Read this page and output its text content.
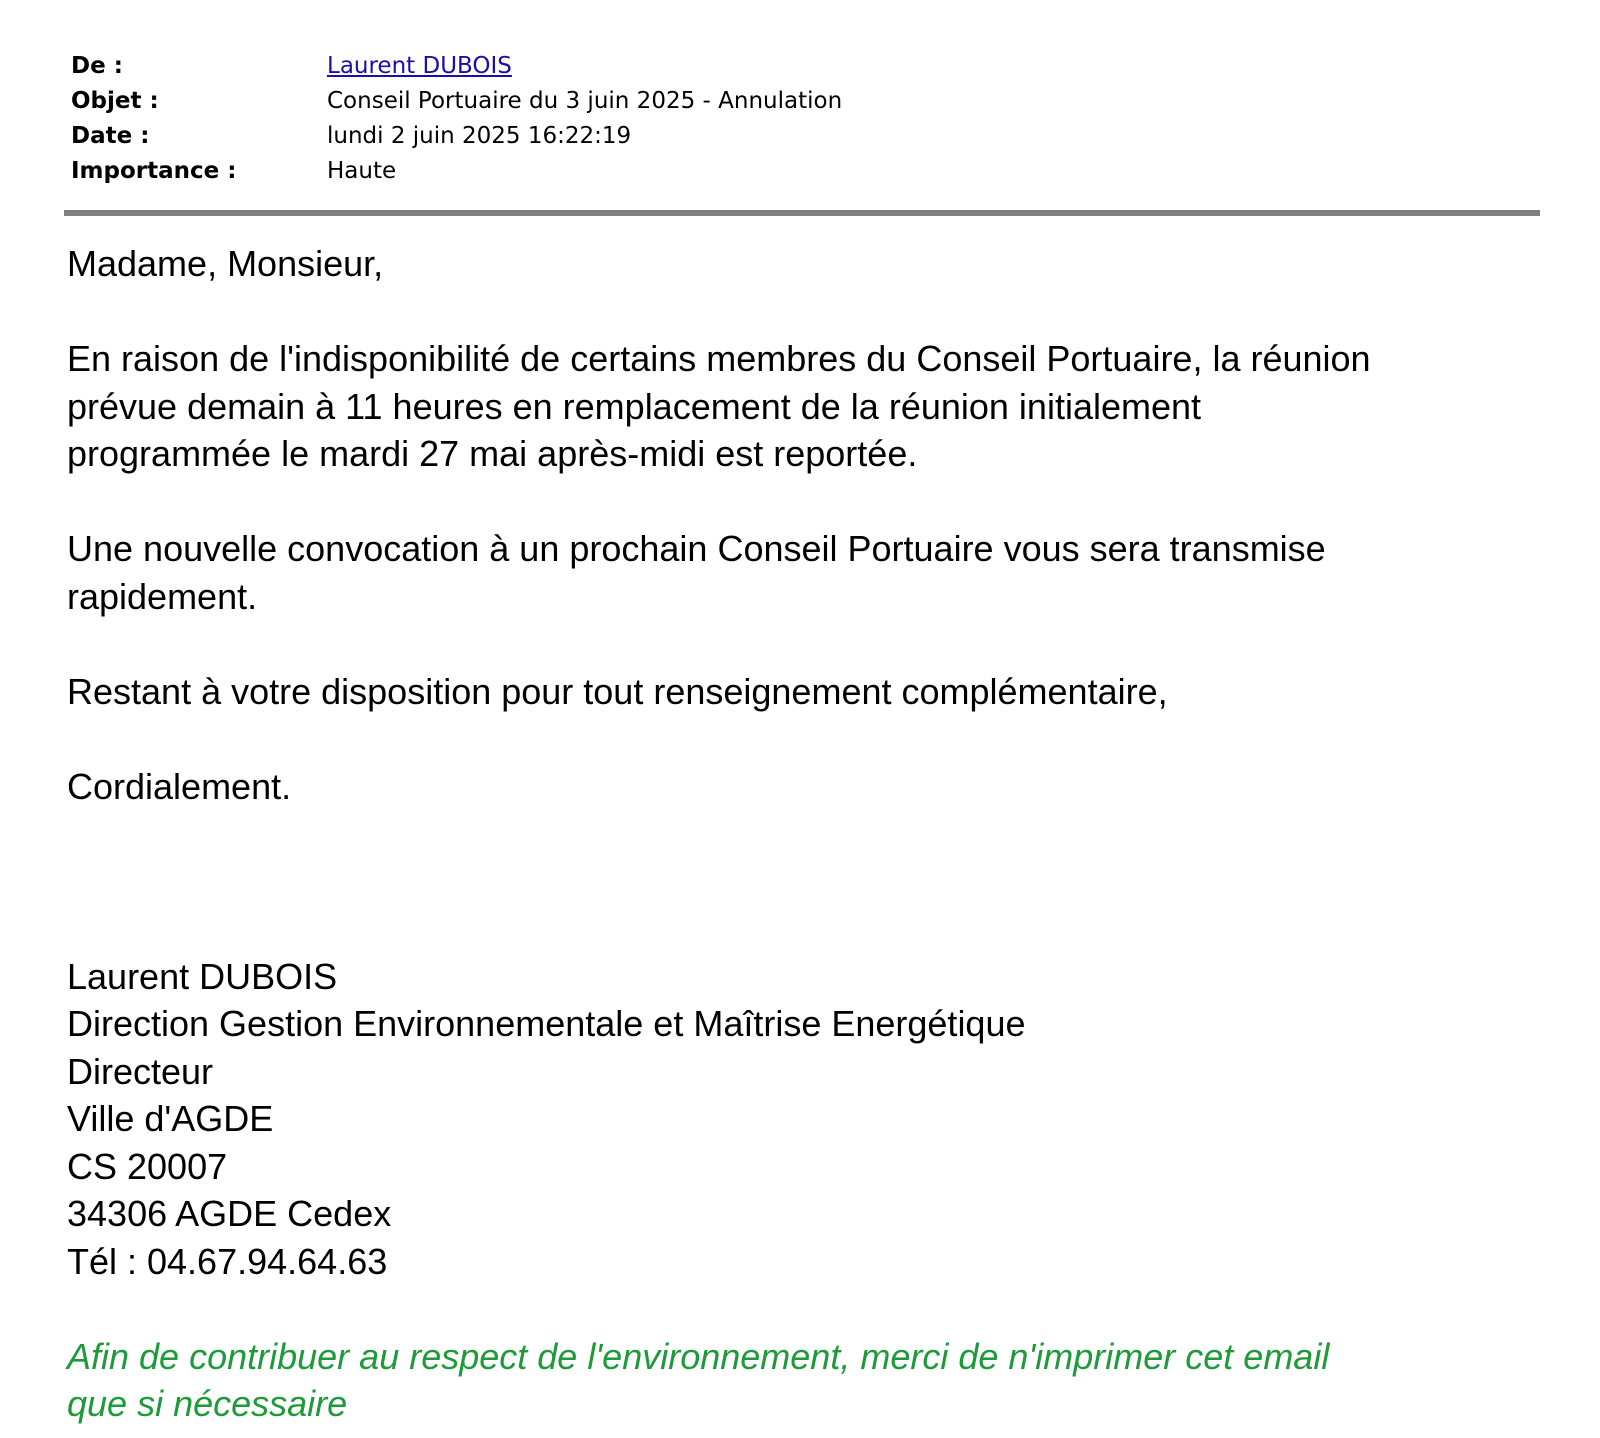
De :	Laurent DUBOIS
Objet :	Conseil Portuaire du 3 juin 2025 - Annulation
Date :	lundi 2 juin 2025 16:22:19
Importance :	Haute

Madame, Monsieur,

En raison de l'indisponibilité de certains membres du Conseil Portuaire, la réunion
prévue demain à 11 heures en remplacement de la réunion initialement
programmée le mardi 27 mai après-midi est reportée.
Une nouvelle convocation à un prochain Conseil Portuaire vous sera transmise
rapidement.

Restant à votre disposition pour tout renseignement complémentaire,

Cordialement.

Laurent DUBOIS
Direction Gestion Environnementale et Maîtrise Energétique
Directeur
Ville d'AGDE
CS 20007
34306 AGDE Cedex
Tél : 04.67.94.64.63
Afin de contribuer au respect de l'environnement, merci de n'imprimer cet email
que si nécessaire
